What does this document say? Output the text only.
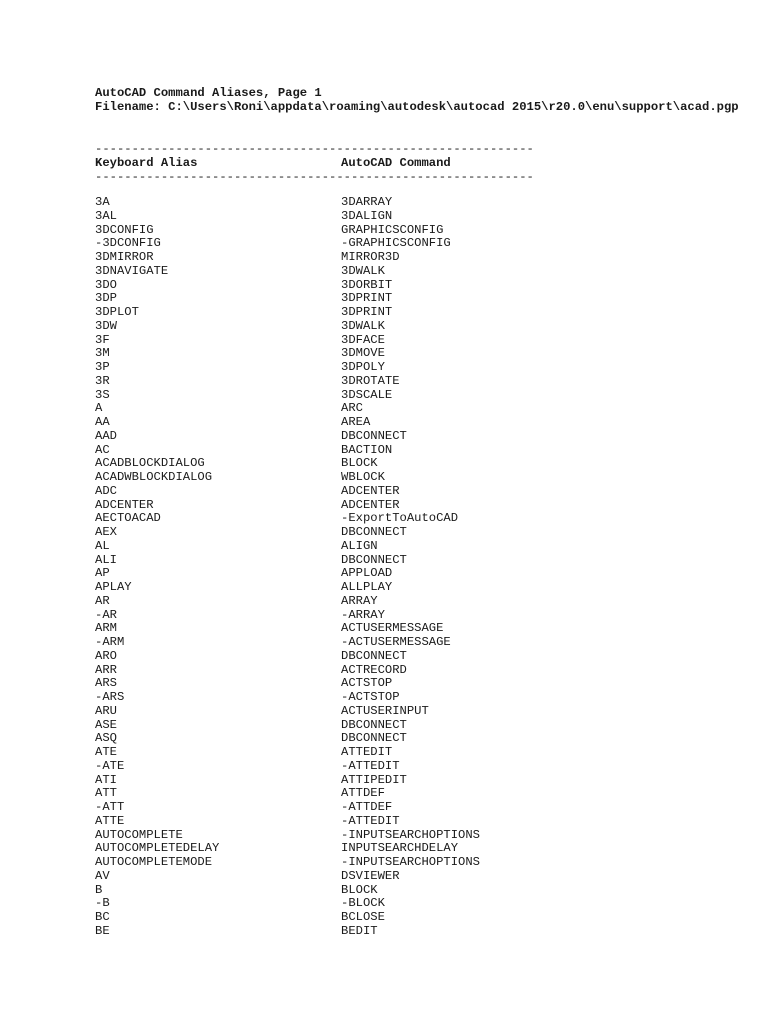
AutoCAD Command Aliases, Page 1
Filename: C:\Users\Roni\appdata\roaming\autodesk\autocad 2015\r20.0\enu\support\acad.pgp
------------------------------------------------------------
Keyboard Alias	AutoCAD Command
------------------------------------------------------------
3A	3DARRAY
3AL	3DALIGN
3DCONFIG	GRAPHICSCONFIG
-3DCONFIG	-GRAPHICSCONFIG
3DMIRROR	MIRROR3D
3DNAVIGATE	3DWALK
3DO	3DORBIT
3DP	3DPRINT
3DPLOT	3DPRINT
3DW	3DWALK
3F	3DFACE
3M	3DMOVE
3P	3DPOLY
3R	3DROTATE
3S	3DSCALE
A	ARC
AA	AREA
AAD	DBCONNECT
AC	BACTION
ACADBLOCKDIALOG	BLOCK
ACADWBLOCKDIALOG	WBLOCK
ADC	ADCENTER
ADCENTER	ADCENTER
AECTOACAD	-ExportToAutoCAD
AEX	DBCONNECT
AL	ALIGN
ALI	DBCONNECT
AP	APPLOAD
APLAY	ALLPLAY
AR	ARRAY
-AR	-ARRAY
ARM	ACTUSERMESSAGE
-ARM	-ACTUSERMESSAGE
ARO	DBCONNECT
ARR	ACTRECORD
ARS	ACTSTOP
-ARS	-ACTSTOP
ARU	ACTUSERINPUT
ASE	DBCONNECT
ASQ	DBCONNECT
ATE	ATTEDIT
-ATE	-ATTEDIT
ATI	ATTIPEDIT
ATT	ATTDEF
-ATT	-ATTDEF
ATTE	-ATTEDIT
AUTOCOMPLETE	-INPUTSEARCHOPTIONS
AUTOCOMPLETEDELAY	INPUTSEARCHDELAY
AUTOCOMPLETEMODE	-INPUTSEARCHOPTIONS
AV	DSVIEWER
B	BLOCK
-B	-BLOCK
BC	BCLOSE
BE	BEDIT
